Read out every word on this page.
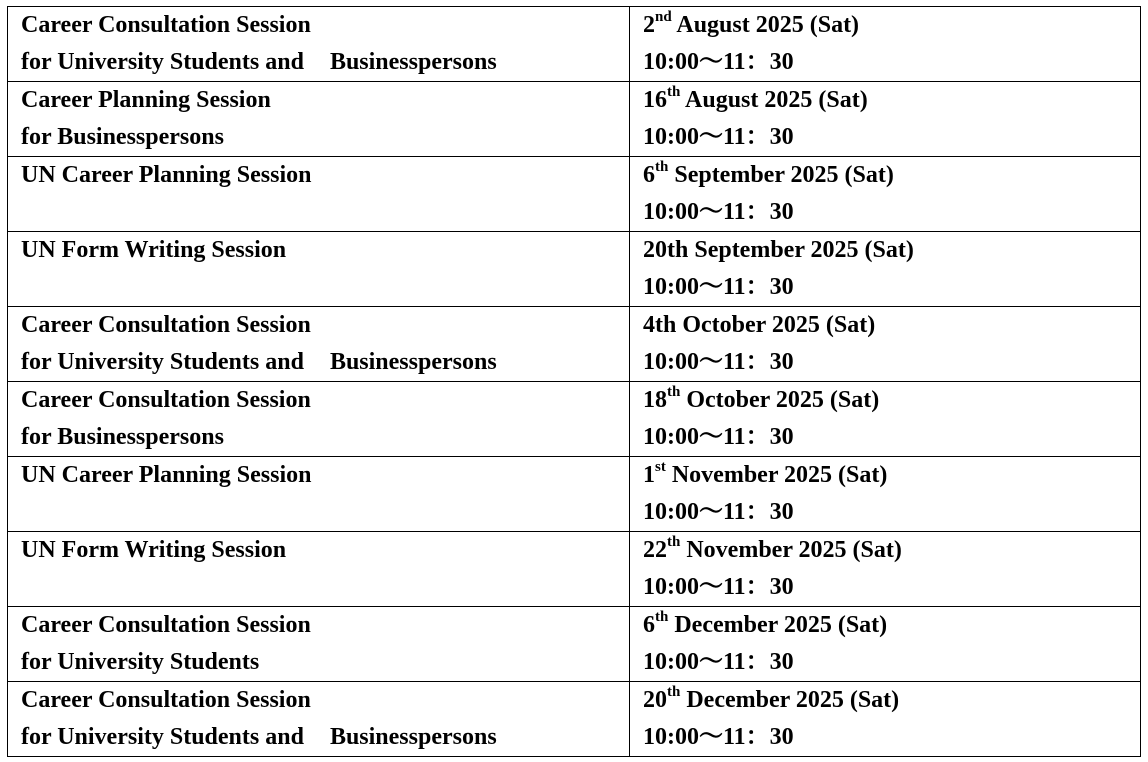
Career Consultation Session
for University Students and Businesspersons	2nd August 2025 (Sat)
10:00〜11：30

Career Planning Session
for Businesspersons	16th August 2025 (Sat)
10:00〜11：30

UN Career Planning Session	6th September 2025 (Sat)
10:00〜11：30

UN Form Writing Session	20th September 2025 (Sat)
10:00〜11：30

Career Consultation Session
for University Students and Businesspersons	4th October 2025 (Sat)
10:00〜11：30

Career Consultation Session
for Businesspersons	18th October 2025 (Sat)
10:00〜11：30

UN Career Planning Session	1st November 2025 (Sat)
10:00〜11：30

UN Form Writing Session	22th November 2025 (Sat)
10:00〜11：30

Career Consultation Session
for University Students	6th December 2025 (Sat)
10:00〜11：30

Career Consultation Session
for University Students and Businesspersons	20th December 2025 (Sat)
10:00〜11：30
